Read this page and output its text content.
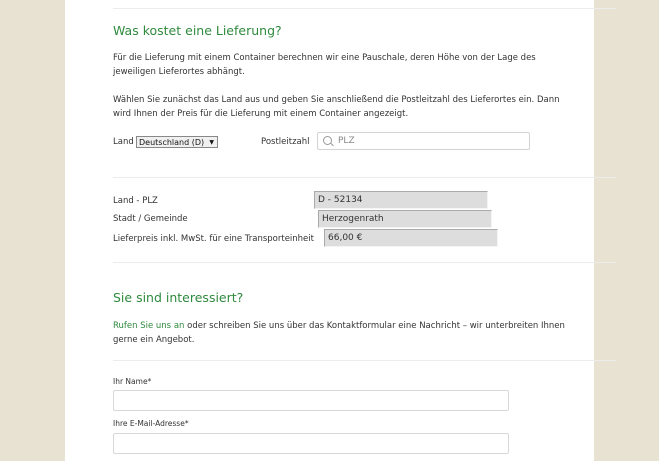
Was kostet eine Lieferung?
Für die Lieferung mit einem Container berechnen wir eine Pauschale, deren Höhe von der Lage des jeweiligen Lieferortes abhängt.
Wählen Sie zunächst das Land aus und geben Sie anschließend die Postleitzahl des Lieferortes ein. Dann wird Ihnen der Preis für die Lieferung mit einem Container angezeigt.
Land Deutschland (D) ▼	Postleitzahl	PLZ
Land - PLZ	D - 52134
Stadt / Gemeinde	Herzogenrath
Lieferpreis inkl. MwSt. für eine Transporteinheit	66,00 €
Sie sind interessiert?
Rufen Sie uns an oder schreiben Sie uns über das Kontaktformular eine Nachricht – wir unterbreiten Ihnen gerne ein Angebot.
Ihr Name*
Ihre E-Mail-Adresse*
